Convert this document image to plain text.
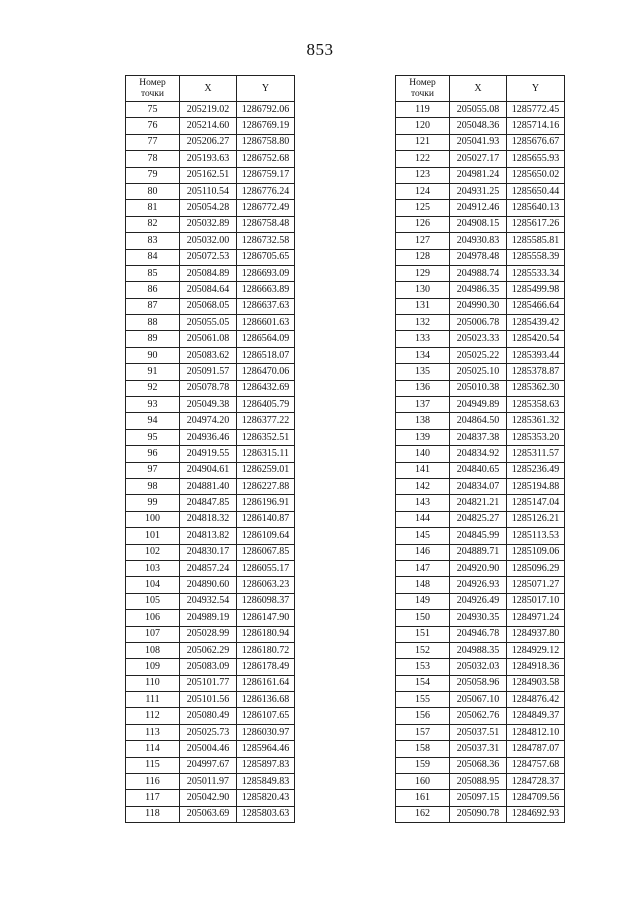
853
Номер
точки	X	Y
75	205219.02	1286792.06
76	205214.60	1286769.19
77	205206.27	1286758.80
78	205193.63	1286752.68
79	205162.51	1286759.17
80	205110.54	1286776.24
81	205054.28	1286772.49
82	205032.89	1286758.48
83	205032.00	1286732.58
84	205072.53	1286705.65
85	205084.89	1286693.09
86	205084.64	1286663.89
87	205068.05	1286637.63
88	205055.05	1286601.63
89	205061.08	1286564.09
90	205083.62	1286518.07
91	205091.57	1286470.06
92	205078.78	1286432.69
93	205049.38	1286405.79
94	204974.20	1286377.22
95	204936.46	1286352.51
96	204919.55	1286315.11
97	204904.61	1286259.01
98	204881.40	1286227.88
99	204847.85	1286196.91
100	204818.32	1286140.87
101	204813.82	1286109.64
102	204830.17	1286067.85
103	204857.24	1286055.17
104	204890.60	1286063.23
105	204932.54	1286098.37
106	204989.19	1286147.90
107	205028.99	1286180.94
108	205062.29	1286180.72
109	205083.09	1286178.49
110	205101.77	1286161.64
111	205101.56	1286136.68
112	205080.49	1286107.65
113	205025.73	1286030.97
114	205004.46	1285964.46
115	204997.67	1285897.83
116	205011.97	1285849.83
117	205042.90	1285820.43
118	205063.69	1285803.63
Номер
точки	X	Y
119	205055.08	1285772.45
120	205048.36	1285714.16
121	205041.93	1285676.67
122	205027.17	1285655.93
123	204981.24	1285650.02
124	204931.25	1285650.44
125	204912.46	1285640.13
126	204908.15	1285617.26
127	204930.83	1285585.81
128	204978.48	1285558.39
129	204988.74	1285533.34
130	204986.35	1285499.98
131	204990.30	1285466.64
132	205006.78	1285439.42
133	205023.33	1285420.54
134	205025.22	1285393.44
135	205025.10	1285378.87
136	205010.38	1285362.30
137	204949.89	1285358.63
138	204864.50	1285361.32
139	204837.38	1285353.20
140	204834.92	1285311.57
141	204840.65	1285236.49
142	204834.07	1285194.88
143	204821.21	1285147.04
144	204825.27	1285126.21
145	204845.99	1285113.53
146	204889.71	1285109.06
147	204920.90	1285096.29
148	204926.93	1285071.27
149	204926.49	1285017.10
150	204930.35	1284971.24
151	204946.78	1284937.80
152	204988.35	1284929.12
153	205032.03	1284918.36
154	205058.96	1284903.58
155	205067.10	1284876.42
156	205062.76	1284849.37
157	205037.51	1284812.10
158	205037.31	1284787.07
159	205068.36	1284757.68
160	205088.95	1284728.37
161	205097.15	1284709.56
162	205090.78	1284692.93
